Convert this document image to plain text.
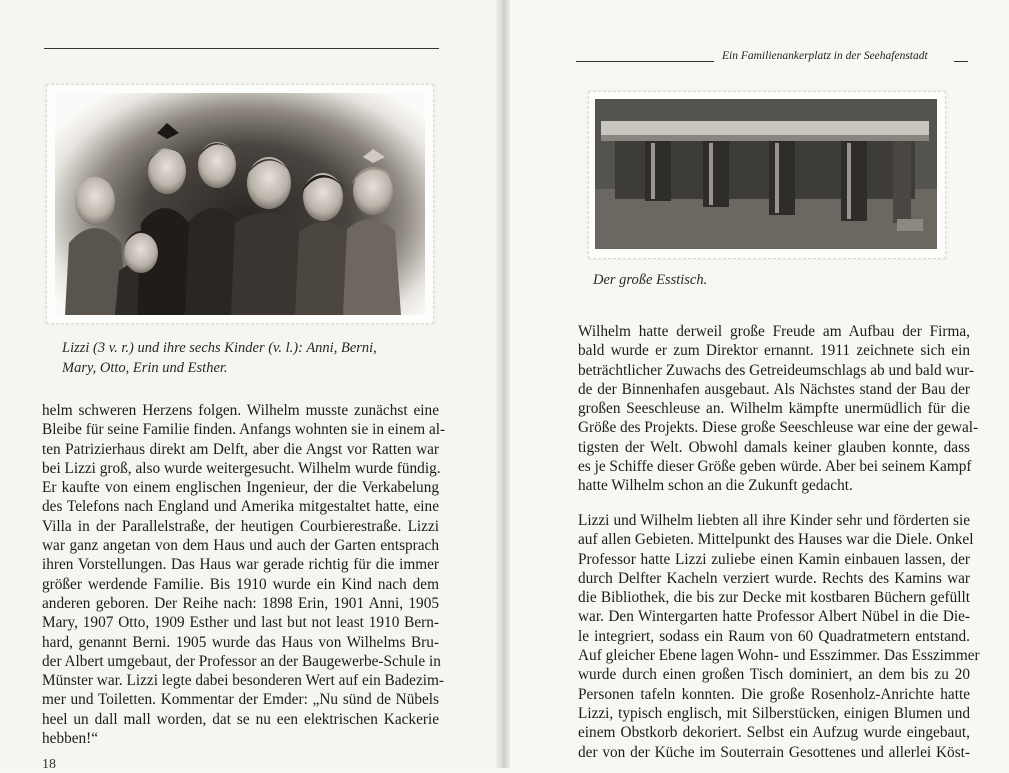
Ein Familienankerplatz in der Seehafenstadt
Lizzi (3 v. r.) und ihre sechs Kinder (v. l.): Anni, Berni,
Mary, Otto, Erin und Esther.
Der große Esstisch.
helm schweren Herzens folgen. Wilhelm musste zunächst eine
Bleibe für seine Familie finden. Anfangs wohnten sie in einem al-
ten Patrizierhaus direkt am Delft, aber die Angst vor Ratten war
bei Lizzi groß, also wurde weitergesucht. Wilhelm wurde fündig.
Er kaufte von einem englischen Ingenieur, der die Verkabelung
des Telefons nach England und Amerika mitgestaltet hatte, eine
Villa in der Parallelstraße, der heutigen Courbierestraße. Lizzi
war ganz angetan von dem Haus und auch der Garten entsprach
ihren Vorstellungen. Das Haus war gerade richtig für die immer
größer werdende Familie. Bis 1910 wurde ein Kind nach dem
anderen geboren. Der Reihe nach: 1898 Erin, 1901 Anni, 1905
Mary, 1907 Otto, 1909 Esther und last but not least 1910 Bern-
hard, genannt Berni. 1905 wurde das Haus von Wilhelms Bru-
der Albert umgebaut, der Professor an der Baugewerbe-Schule in
Münster war. Lizzi legte dabei besonderen Wert auf ein Badezim-
mer und Toiletten. Kommentar der Emder: „Nu sünd de Nübels
heel un dall mall worden, dat se nu een elektrischen Kackerie
hebben!“
Wilhelm hatte derweil große Freude am Aufbau der Firma,
bald wurde er zum Direktor ernannt. 1911 zeichnete sich ein
beträchtlicher Zuwachs des Getreideumschlags ab und bald wur-
de der Binnenhafen ausgebaut. Als Nächstes stand der Bau der
großen Seeschleuse an. Wilhelm kämpfte unermüdlich für die
Größe des Projekts. Diese große Seeschleuse war eine der gewal-
tigsten der Welt. Obwohl damals keiner glauben konnte, dass
es je Schiffe dieser Größe geben würde. Aber bei seinem Kampf
hatte Wilhelm schon an die Zukunft gedacht.
Lizzi und Wilhelm liebten all ihre Kinder sehr und förderten sie
auf allen Gebieten. Mittelpunkt des Hauses war die Diele. Onkel
Professor hatte Lizzi zuliebe einen Kamin einbauen lassen, der
durch Delfter Kacheln verziert wurde. Rechts des Kamins war
die Bibliothek, die bis zur Decke mit kostbaren Büchern gefüllt
war. Den Wintergarten hatte Professor Albert Nübel in die Die-
le integriert, sodass ein Raum von 60 Quadratmetern entstand.
Auf gleicher Ebene lagen Wohn- und Esszimmer. Das Esszimmer
wurde durch einen großen Tisch dominiert, an dem bis zu 20
Personen tafeln konnten. Die große Rosenholz-Anrichte hatte
Lizzi, typisch englisch, mit Silberstücken, einigen Blumen und
einem Obstkorb dekoriert. Selbst ein Aufzug wurde eingebaut,
der von der Küche im Souterrain Gesottenes und allerlei Köst-
18
